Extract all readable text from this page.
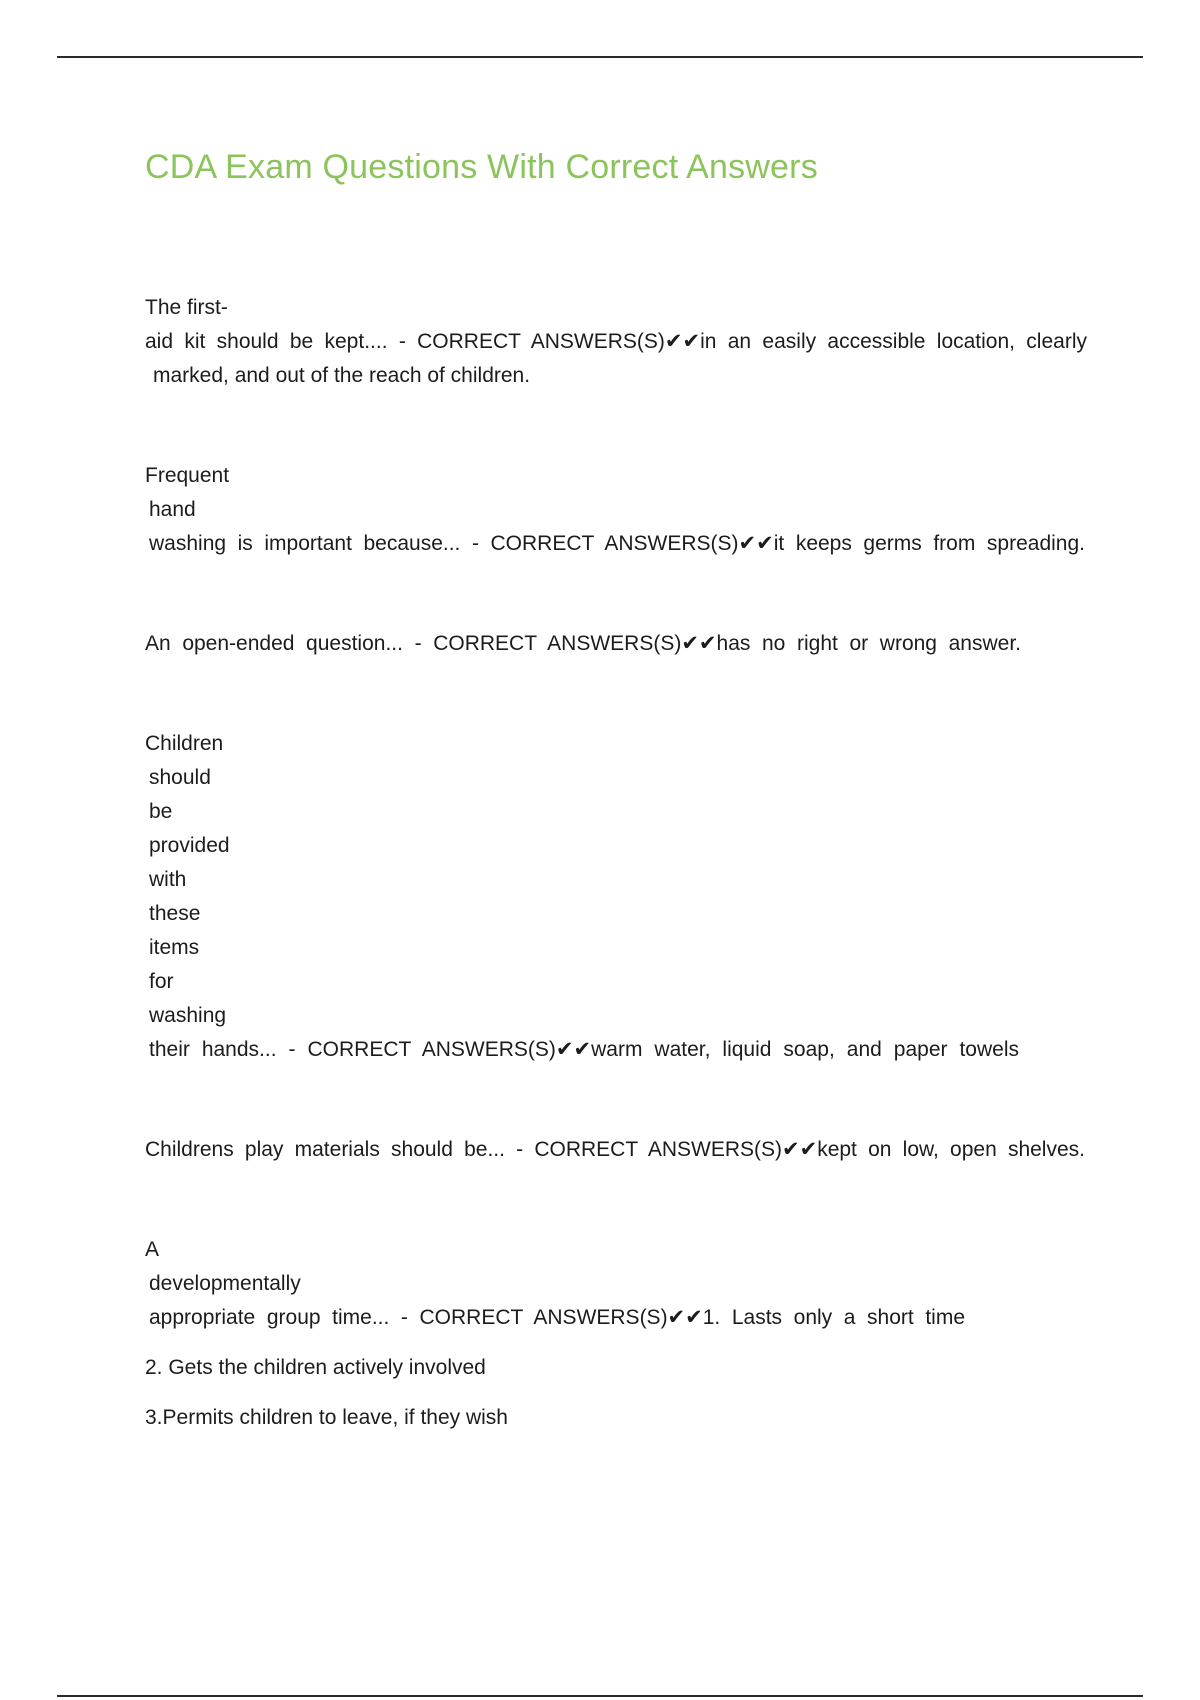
CDA Exam Questions With Correct Answers
The first-
aid kit should be kept.... - CORRECT ANSWERS(S)✔✔in an easily accessible location, clearly
marked, and out of the reach of children.
Frequent
hand
washing is important because... - CORRECT ANSWERS(S)✔✔it keeps germs from spreading.
An open-ended question... - CORRECT ANSWERS(S)✔✔has no right or wrong answer.
Children
should
be
provided
with
these
items
for
washing
their hands... - CORRECT ANSWERS(S)✔✔warm water, liquid soap, and paper towels
Childrens play materials should be... - CORRECT ANSWERS(S)✔✔kept on low, open shelves.
A
developmentally
appropriate group time... - CORRECT ANSWERS(S)✔✔1. Lasts only a short time
2. Gets the children actively involved
3.Permits children to leave, if they wish
